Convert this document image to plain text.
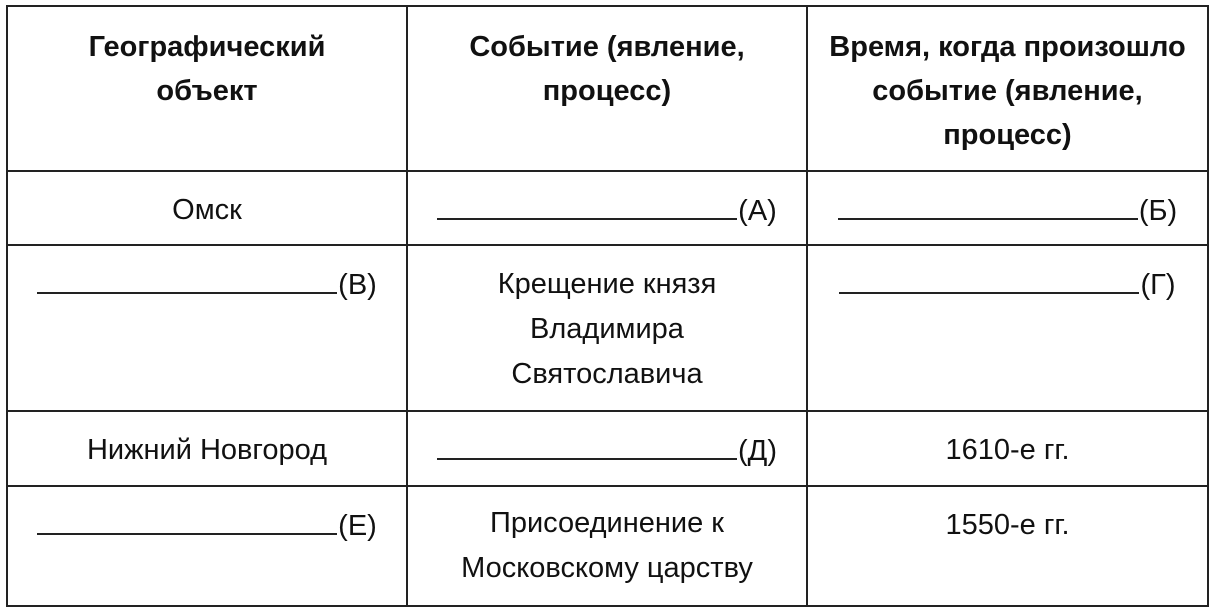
Географический объект	Событие (явление, процесс)	Время, когда произошло событие (явление, процесс)

Омск	(А)	(Б)

(В)	Крещение князя Владимира Святославича	(Г)

Нижний Новгород	(Д)	1610-е гг.

(Е)	Присоединение к Московскому царству	1550-е гг.
